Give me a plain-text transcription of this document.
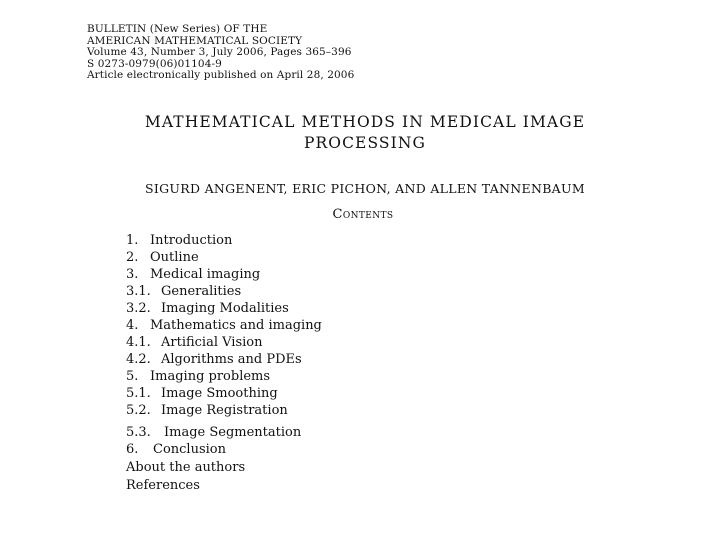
BULLETIN (New Series) OF THE
AMERICAN MATHEMATICAL SOCIETY
Volume 43, Number 3, July 2006, Pages 365–396
S 0273-0979(06)01104-9
Article electronically published on April 28, 2006
MATHEMATICAL METHODS IN MEDICAL IMAGE
PROCESSING
SIGURD ANGENENT, ERIC PICHON, AND ALLEN TANNENBAUM
Contents
1. Introduction
2. Outline
3. Medical imaging
3.1. Generalities
3.2. Imaging Modalities
4. Mathematics and imaging
4.1. Artificial Vision
4.2. Algorithms and PDEs
5. Imaging problems
5.1. Image Smoothing
5.2. Image Registration
5.3. Image Segmentation
6. Conclusion
About the authors
References
